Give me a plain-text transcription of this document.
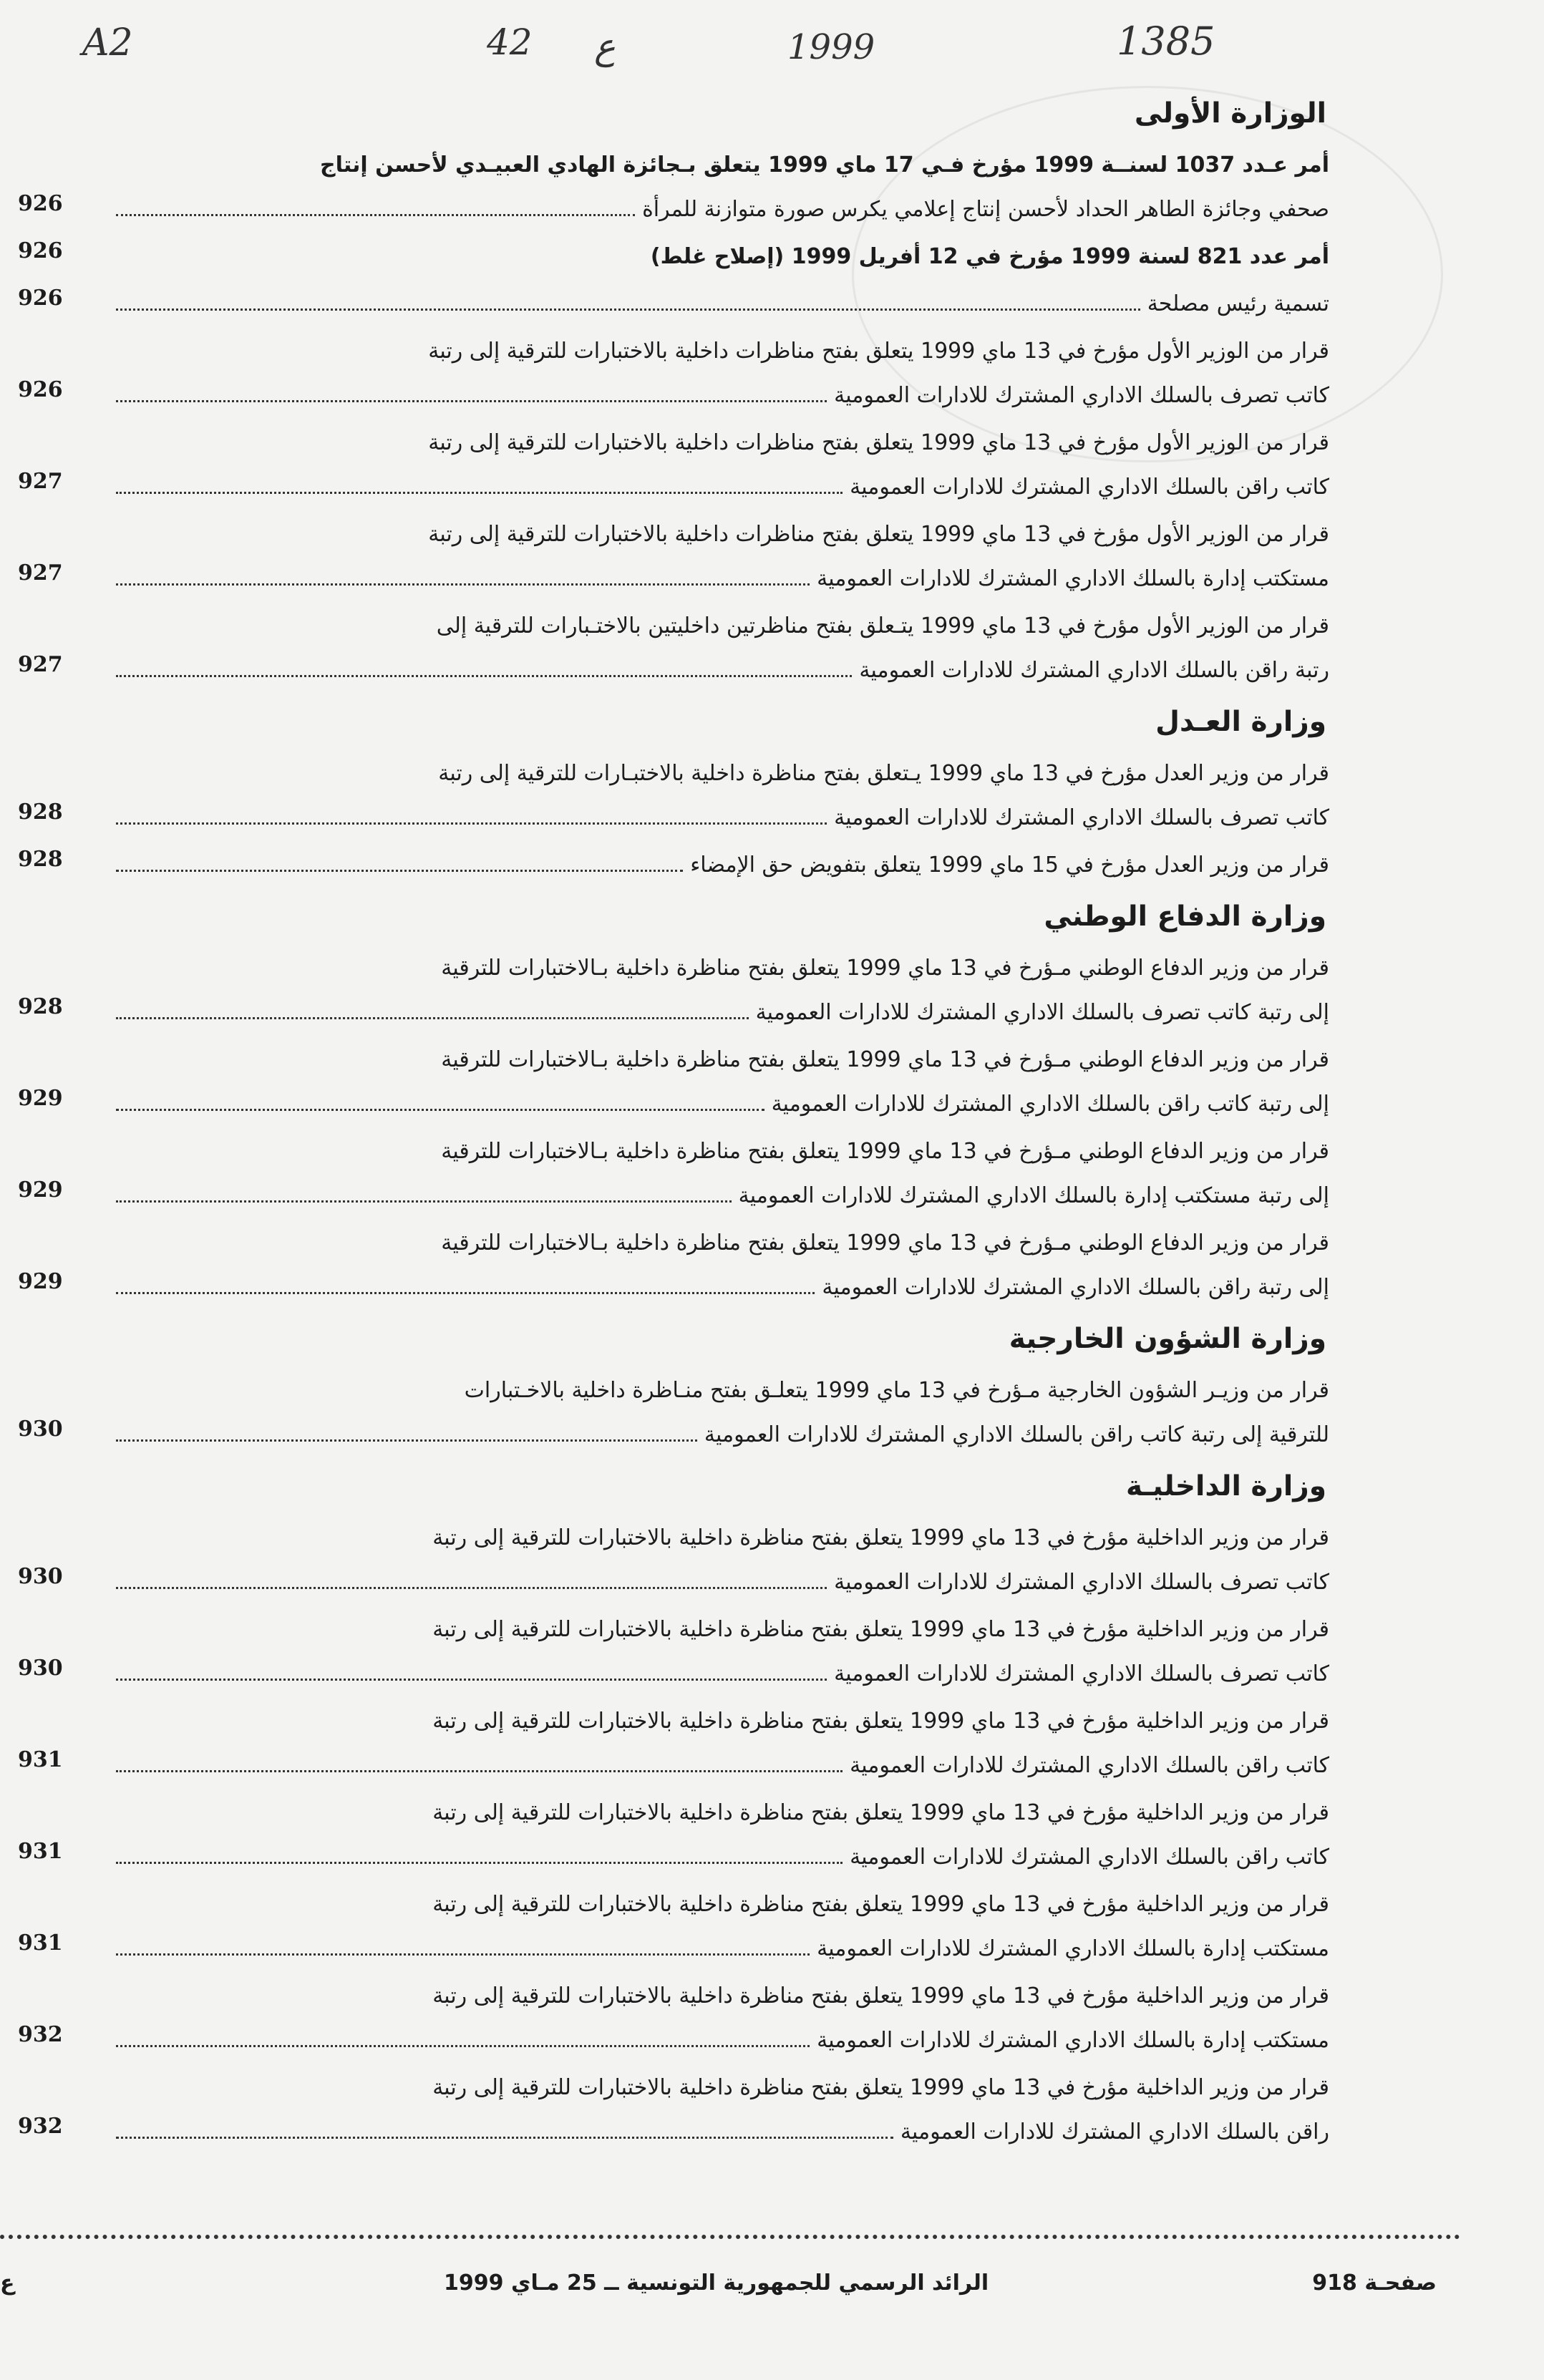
A2	42 ع	1999	1385
الوزارة الأولى
أمر عـدد 1037 لسنــة 1999 مؤرخ فـي 17 ماي 1999 يتعلق بـجائزة الهادي العبيـدي لأحسن إنتاج
صحفي وجائزة الطاهر الحداد لأحسن إنتاج إعلامي يكرس صورة متوازنة للمرأة
926
أمر عدد 821 لسنة 1999 مؤرخ في 12 أفريل 1999 (إصلاح غلط)
926
تسمية رئيس مصلحة
926
قرار من الوزير الأول مؤرخ في 13 ماي 1999 يتعلق بفتح مناظرات داخلية بالاختبارات للترقية إلى رتبة
كاتب تصرف بالسلك الاداري المشترك للادارات العمومية
926
قرار من الوزير الأول مؤرخ في 13 ماي 1999 يتعلق بفتح مناظرات داخلية بالاختبارات للترقية إلى رتبة
كاتب راقن بالسلك الاداري المشترك للادارات العمومية
927
قرار من الوزير الأول مؤرخ في 13 ماي 1999 يتعلق بفتح مناظرات داخلية بالاختبارات للترقية إلى رتبة
مستكتب إدارة بالسلك الاداري المشترك للادارات العمومية
927
قرار من الوزير الأول مؤرخ في 13 ماي 1999 يتـعلق بفتح مناظرتين داخليتين بالاختـبارات للترقية إلى
رتبة راقن بالسلك الاداري المشترك للادارات العمومية
927
وزارة العـدل
قرار من وزير العدل مؤرخ في 13 ماي 1999 يـتعلق بفتح مناظرة داخلية بالاختبـارات للترقية إلى رتبة
كاتب تصرف بالسلك الاداري المشترك للادارات العمومية
928
قرار من وزير العدل مؤرخ في 15 ماي 1999 يتعلق بتفويض حق الإمضاء
928
وزارة الدفاع الوطني
قرار من وزير الدفاع الوطني مـؤرخ في 13 ماي 1999 يتعلق بفتح مناظرة داخلية بـالاختبارات للترقية
إلى رتبة كاتب تصرف بالسلك الاداري المشترك للادارات العمومية
928
قرار من وزير الدفاع الوطني مـؤرخ في 13 ماي 1999 يتعلق بفتح مناظرة داخلية بـالاختبارات للترقية
إلى رتبة كاتب راقن بالسلك الاداري المشترك للادارات العمومية
929
قرار من وزير الدفاع الوطني مـؤرخ في 13 ماي 1999 يتعلق بفتح مناظرة داخلية بـالاختبارات للترقية
إلى رتبة مستكتب إدارة بالسلك الاداري المشترك للادارات العمومية
929
قرار من وزير الدفاع الوطني مـؤرخ في 13 ماي 1999 يتعلق بفتح مناظرة داخلية بـالاختبارات للترقية
إلى رتبة راقن بالسلك الاداري المشترك للادارات العمومية
929
وزارة الشؤون الخارجية
قرار من وزيـر الشؤون الخارجية مـؤرخ في 13 ماي 1999 يتعلـق بفتح منـاظرة داخلية بالاخـتبارات
للترقية إلى رتبة كاتب راقن بالسلك الاداري المشترك للادارات العمومية
930
وزارة الداخليـة
قرار من وزير الداخلية مؤرخ في 13 ماي 1999 يتعلق بفتح مناظرة داخلية بالاختبارات للترقية إلى رتبة
كاتب تصرف بالسلك الاداري المشترك للادارات العمومية
930
قرار من وزير الداخلية مؤرخ في 13 ماي 1999 يتعلق بفتح مناظرة داخلية بالاختبارات للترقية إلى رتبة
كاتب تصرف بالسلك الاداري المشترك للادارات العمومية
930
قرار من وزير الداخلية مؤرخ في 13 ماي 1999 يتعلق بفتح مناظرة داخلية بالاختبارات للترقية إلى رتبة
كاتب راقن بالسلك الاداري المشترك للادارات العمومية
931
قرار من وزير الداخلية مؤرخ في 13 ماي 1999 يتعلق بفتح مناظرة داخلية بالاختبارات للترقية إلى رتبة
كاتب راقن بالسلك الاداري المشترك للادارات العمومية
931
قرار من وزير الداخلية مؤرخ في 13 ماي 1999 يتعلق بفتح مناظرة داخلية بالاختبارات للترقية إلى رتبة
مستكتب إدارة بالسلك الاداري المشترك للادارات العمومية
931
قرار من وزير الداخلية مؤرخ في 13 ماي 1999 يتعلق بفتح مناظرة داخلية بالاختبارات للترقية إلى رتبة
مستكتب إدارة بالسلك الاداري المشترك للادارات العمومية
932
قرار من وزير الداخلية مؤرخ في 13 ماي 1999 يتعلق بفتح مناظرة داخلية بالاختبارات للترقية إلى رتبة
راقن بالسلك الاداري المشترك للادارات العمومية
932
صفحـة 918
الرائد الرسمي للجمهورية التونسية ــ 25 مـاي 1999
ع
